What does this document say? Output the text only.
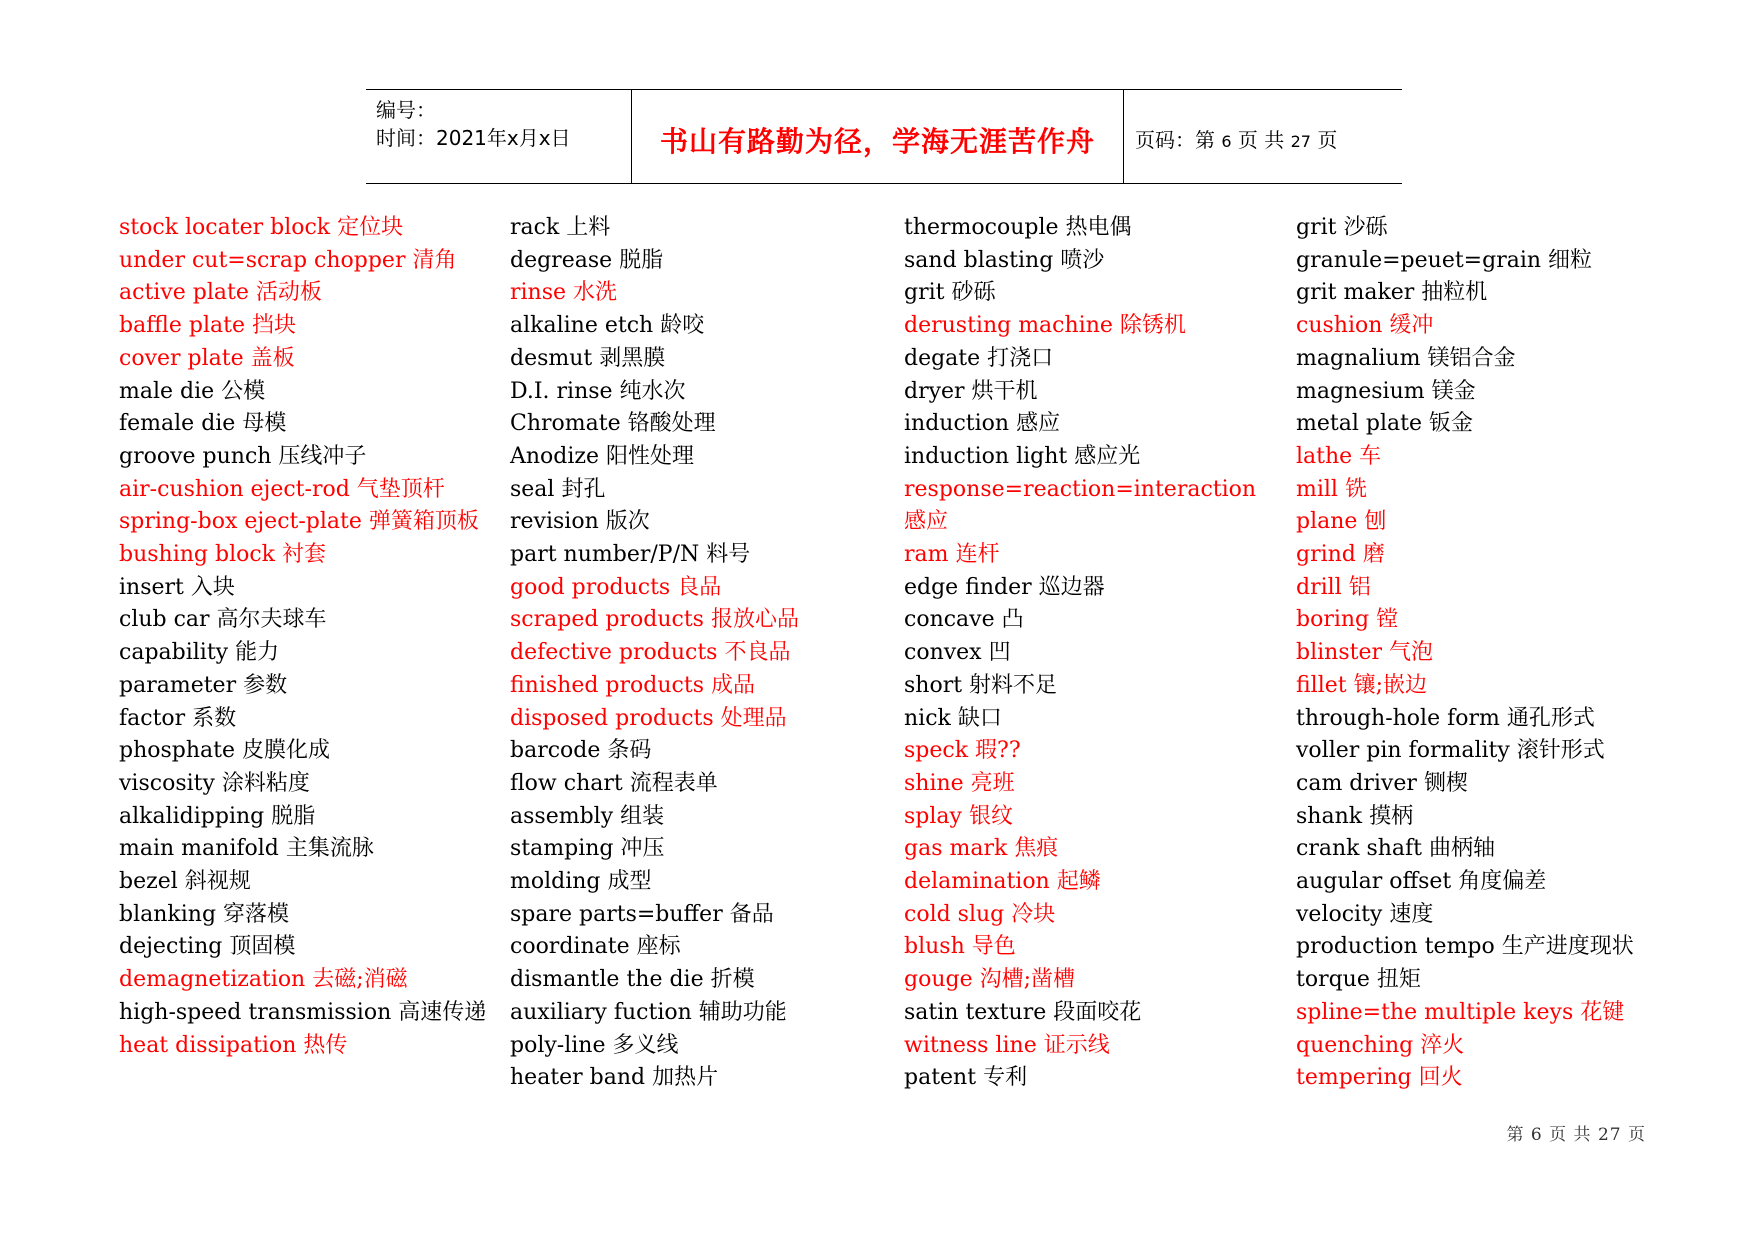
编号：
时间：2021年x月x日	书山有路勤为径，学海无涯苦作舟	页码：第 6 页 共 27 页
stock locater block 定位块
under cut=scrap chopper 清角
active plate 活动板
baffle plate 挡块
cover plate 盖板
male die 公模
female die 母模
groove punch 压线冲子
air-cushion eject-rod 气垫顶杆
spring-box eject-plate 弹簧箱顶板
bushing block 衬套
insert 入块
club car 高尔夫球车
capability 能力
parameter 参数
factor 系数
phosphate 皮膜化成
viscosity 涂料粘度
alkalidipping 脱脂
main manifold 主集流脉
bezel 斜视规
blanking 穿落模
dejecting 顶固模
demagnetization 去磁;消磁
high-speed transmission 高速传递
heat dissipation 热传
rack 上料
degrease 脱脂
rinse 水洗
alkaline etch 龄咬
desmut 剥黑膜
D.I. rinse 纯水次
Chromate 铬酸处理
Anodize 阳性处理
seal 封孔
revision 版次
part number/P/N 料号
good products 良品
scraped products 报放心品
defective products 不良品
finished products 成品
disposed products 处理品
barcode 条码
flow chart 流程表单
assembly 组装
stamping 冲压
molding 成型
spare parts=buffer 备品
coordinate 座标
dismantle the die 折模
auxiliary fuction 辅助功能
poly-line 多义线
heater band 加热片
thermocouple 热电偶
sand blasting 喷沙
grit 砂砾
derusting machine 除锈机
degate 打浇口
dryer 烘干机
induction 感应
induction light 感应光
response=reaction=interaction 感应
ram 连杆
edge finder 巡边器
concave 凸
convex 凹
short 射料不足
nick 缺口
speck 瑕??
shine 亮班
splay 银纹
gas mark 焦痕
delamination 起鳞
cold slug 冷块
blush 导色
gouge 沟槽;凿槽
satin texture 段面咬花
witness line 证示线
patent 专利
grit 沙砾
granule=peuet=grain 细粒
grit maker 抽粒机
cushion 缓冲
magnalium 镁铝合金
magnesium 镁金
metal plate 钣金
lathe 车
mill 铣
plane 刨
grind 磨
drill 铝
boring 镗
blinster 气泡
fillet 镶;嵌边
through-hole form 通孔形式
voller pin formality 滚针形式
cam driver 铡楔
shank 摸柄
crank shaft 曲柄轴
augular offset 角度偏差
velocity 速度
production tempo 生产进度现状
torque 扭矩
spline=the multiple keys 花键
quenching 淬火
tempering 回火
第 6 页 共 27 页
